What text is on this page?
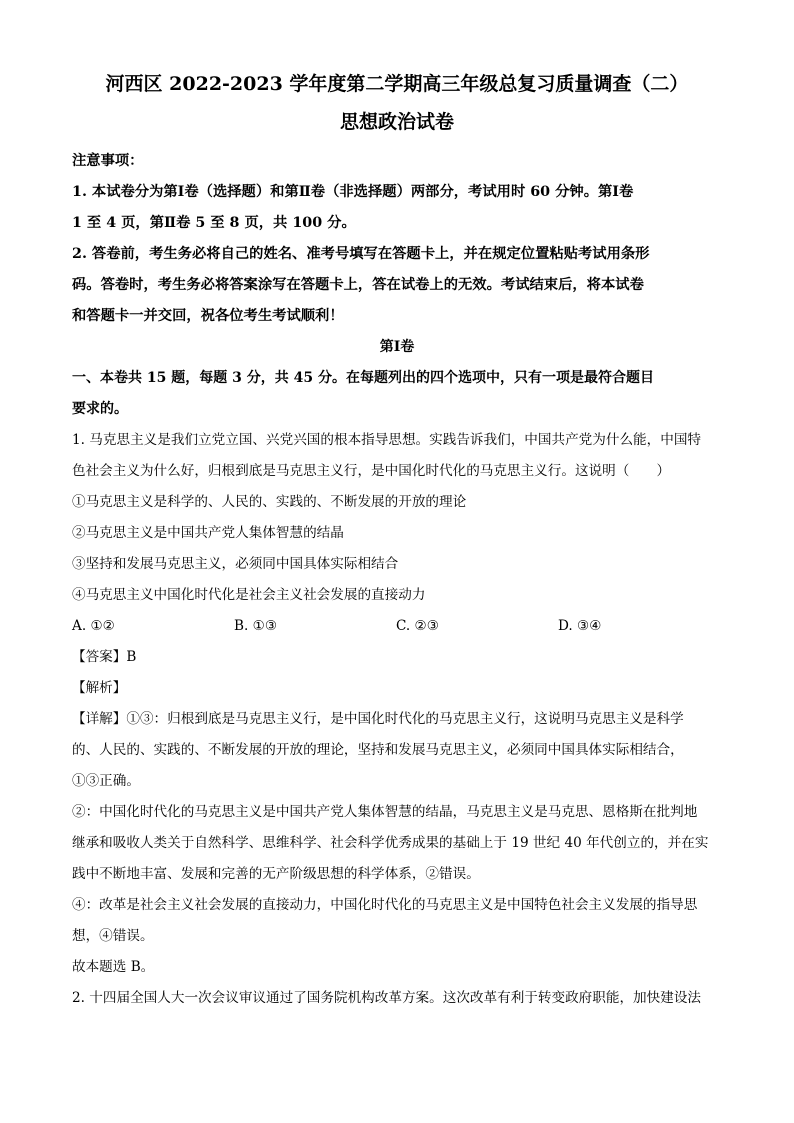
河西区 2022-2023 学年度第二学期高三年级总复习质量调查（二）

思想政治试卷

注意事项：

1. 本试卷分为第Ⅰ卷（选择题）和第Ⅱ卷（非选择题）两部分，考试用时 60 分钟。第Ⅰ卷

1 至 4 页，第Ⅱ卷 5 至 8 页，共 100 分。

2. 答卷前，考生务必将自己的姓名、准考号填写在答题卡上，并在规定位置粘贴考试用条形

码。答卷时，考生务必将答案涂写在答题卡上，答在试卷上的无效。考试结束后，将本试卷

和答题卡一并交回，祝各位考生考试顺利！

第Ⅰ卷

一、本卷共 15 题，每题 3 分，共 45 分。在每题列出的四个选项中，只有一项是最符合题目

要求的。

1. 马克思主义是我们立党立国、兴党兴国的根本指导思想。实践告诉我们，中国共产党为什么能，中国特

色社会主义为什么好，归根到底是马克思主义行，是中国化时代化的马克思主义行。这说明（　　）

①马克思主义是科学的、人民的、实践的、不断发展的开放的理论

②马克思主义是中国共产党人集体智慧的结晶

③坚持和发展马克思主义，必须同中国具体实际相结合

④马克思主义中国化时代化是社会主义社会发展的直接动力

A. ①②	B. ①③	C. ②③	D. ③④

【答案】B

【解析】

【详解】①③：归根到底是马克思主义行，是中国化时代化的马克思主义行，这说明马克思主义是科学

的、人民的、实践的、不断发展的开放的理论，坚持和发展马克思主义，必须同中国具体实际相结合，

①③正确。

②：中国化时代化的马克思主义是中国共产党人集体智慧的结晶，马克思主义是马克思、恩格斯在批判地

继承和吸收人类关于自然科学、思维科学、社会科学优秀成果的基础上于 19 世纪 40 年代创立的，并在实

践中不断地丰富、发展和完善的无产阶级思想的科学体系，②错误。

④：改革是社会主义社会发展的直接动力，中国化时代化的马克思主义是中国特色社会主义发展的指导思

想，④错误。

故本题选 B。

2. 十四届全国人大一次会议审议通过了国务院机构改革方案。这次改革有利于转变政府职能，加快建设法
